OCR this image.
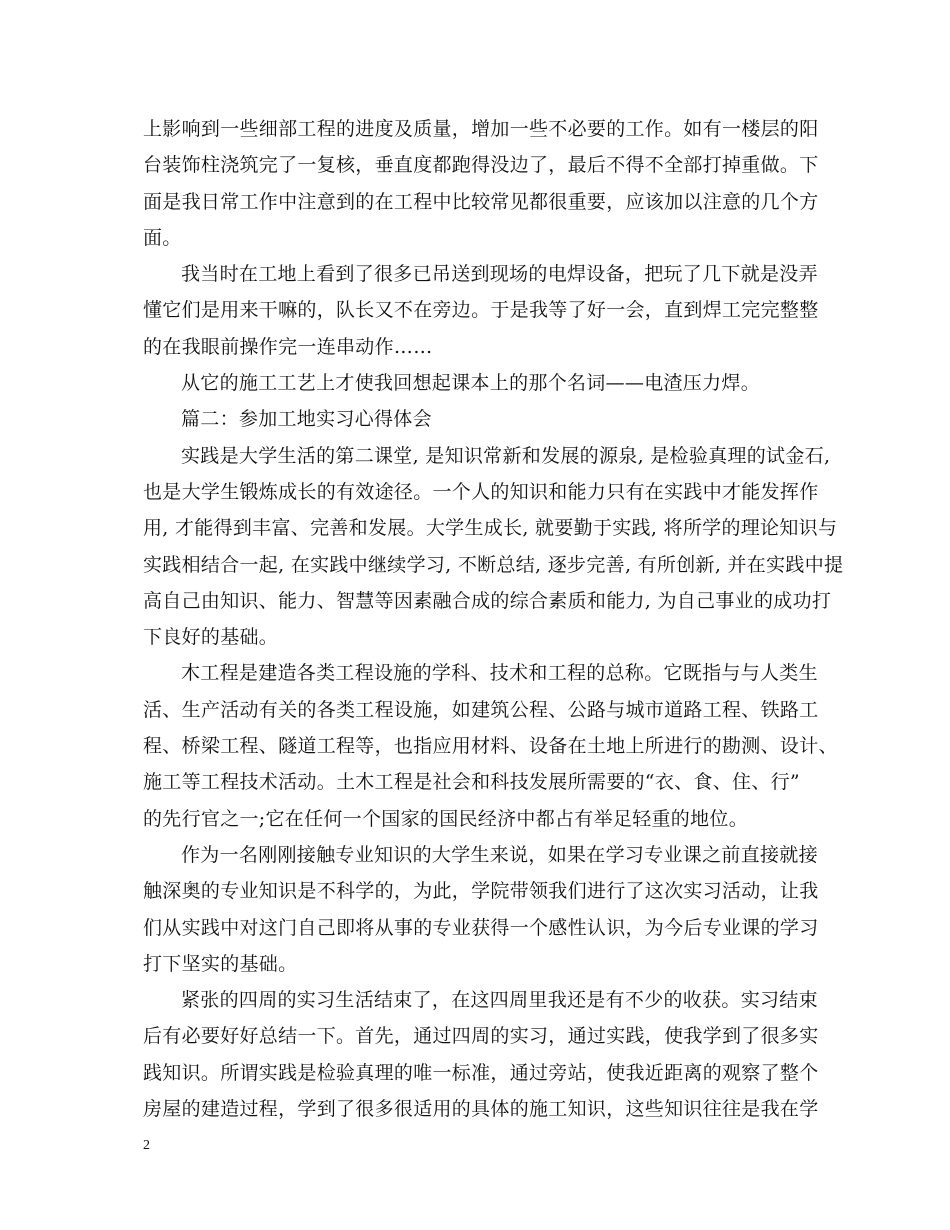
上影响到一些细部工程的进度及质量，增加一些不必要的工作。如有一楼层的阳
台装饰柱浇筑完了一复核，垂直度都跑得没边了，最后不得不全部打掉重做。下
面是我日常工作中注意到的在工程中比较常见都很重要，应该加以注意的几个方
面。
我当时在工地上看到了很多已吊送到现场的电焊设备，把玩了几下就是没弄
懂它们是用来干嘛的，队长又不在旁边。于是我等了好一会，直到焊工完完整整
的在我眼前操作完一连串动作……
从它的施工工艺上才使我回想起课本上的那个名词——电渣压力焊。
篇二：参加工地实习心得体会
实践是大学生活的第二课堂, 是知识常新和发展的源泉, 是检验真理的试金石,
也是大学生锻炼成长的有效途径。一个人的知识和能力只有在实践中才能发挥作
用, 才能得到丰富、完善和发展。大学生成长, 就要勤于实践, 将所学的理论知识与
实践相结合一起, 在实践中继续学习, 不断总结, 逐步完善, 有所创新, 并在实践中提
高自己由知识、能力、智慧等因素融合成的综合素质和能力, 为自己事业的成功打
下良好的基础。
木工程是建造各类工程设施的学科、技术和工程的总称。它既指与与人类生
活、生产活动有关的各类工程设施，如建筑公程、公路与城市道路工程、铁路工
程、桥梁工程、隧道工程等，也指应用材料、设备在土地上所进行的勘测、设计、
施工等工程技术活动。土木工程是社会和科技发展所需要的“衣、食、住、行”
的先行官之一;它在任何一个国家的国民经济中都占有举足轻重的地位。
作为一名刚刚接触专业知识的大学生来说，如果在学习专业课之前直接就接
触深奥的专业知识是不科学的，为此，学院带领我们进行了这次实习活动，让我
们从实践中对这门自己即将从事的专业获得一个感性认识，为今后专业课的学习
打下坚实的基础。
紧张的四周的实习生活结束了，在这四周里我还是有不少的收获。实习结束
后有必要好好总结一下。首先，通过四周的实习，通过实践，使我学到了很多实
践知识。所谓实践是检验真理的唯一标准，通过旁站，使我近距离的观察了整个
房屋的建造过程，学到了很多很适用的具体的施工知识，这些知识往往是我在学
2
